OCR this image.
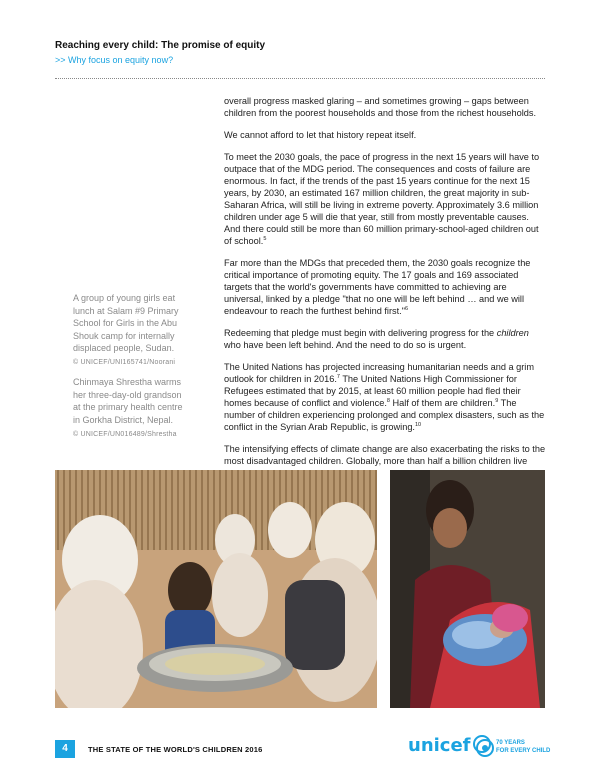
Reaching every child: The promise of equity
>> Why focus on equity now?

overall progress masked glaring – and sometimes growing – gaps between children from the poorest households and those from the richest households.

We cannot afford to let that history repeat itself.

To meet the 2030 goals, the pace of progress in the next 15 years will have to outpace that of the MDG period. The consequences and costs of failure are enormous. In fact, if the trends of the past 15 years continue for the next 15 years, by 2030, an estimated 167 million children, the great majority in sub-Saharan Africa, will still be living in extreme poverty. Approximately 3.6 million children under age 5 will die that year, still from mostly preventable causes. And there could still be more than 60 million primary-school-aged children out of school.$^5$

Far more than the MDGs that preceded them, the 2030 goals recognize the critical importance of promoting equity. The 17 goals and 169 associated targets that the world's governments have committed to achieving are universal, linked by a pledge "that no one will be left behind … and we will endeavour to reach the furthest behind first."$^6$

Redeeming that pledge must begin with delivering progress for the children who have been left behind. And the need to do so is urgent.

The United Nations has projected increasing humanitarian needs and a grim outlook for children in 2016.$^7$ The United Nations High Commissioner for Refugees estimated that by 2015, at least 60 million people had fled their homes because of conflict and violence.$^8$ Half of them are children.$^9$ The number of children experiencing prolonged and complex disasters, such as the conflict in the Syrian Arab Republic, is growing.$^{10}$

The intensifying effects of climate change are also exacerbating the risks to the most disadvantaged children. Globally, more than half a billion children live

A group of young girls eat lunch at Salam #9 Primary School for Girls in the Abu Shouk camp for internally displaced people, Sudan.
© UNICEF/UNI165741/Noorani
Chinmaya Shrestha warms her three-day-old grandson at the primary health centre in Gorkha District, Nepal.
© UNICEF/UN016489/Shrestha
4	THE STATE OF THE WORLD'S CHILDREN 2016	unicef	70 YEARS
FOR EVERY CHILD
